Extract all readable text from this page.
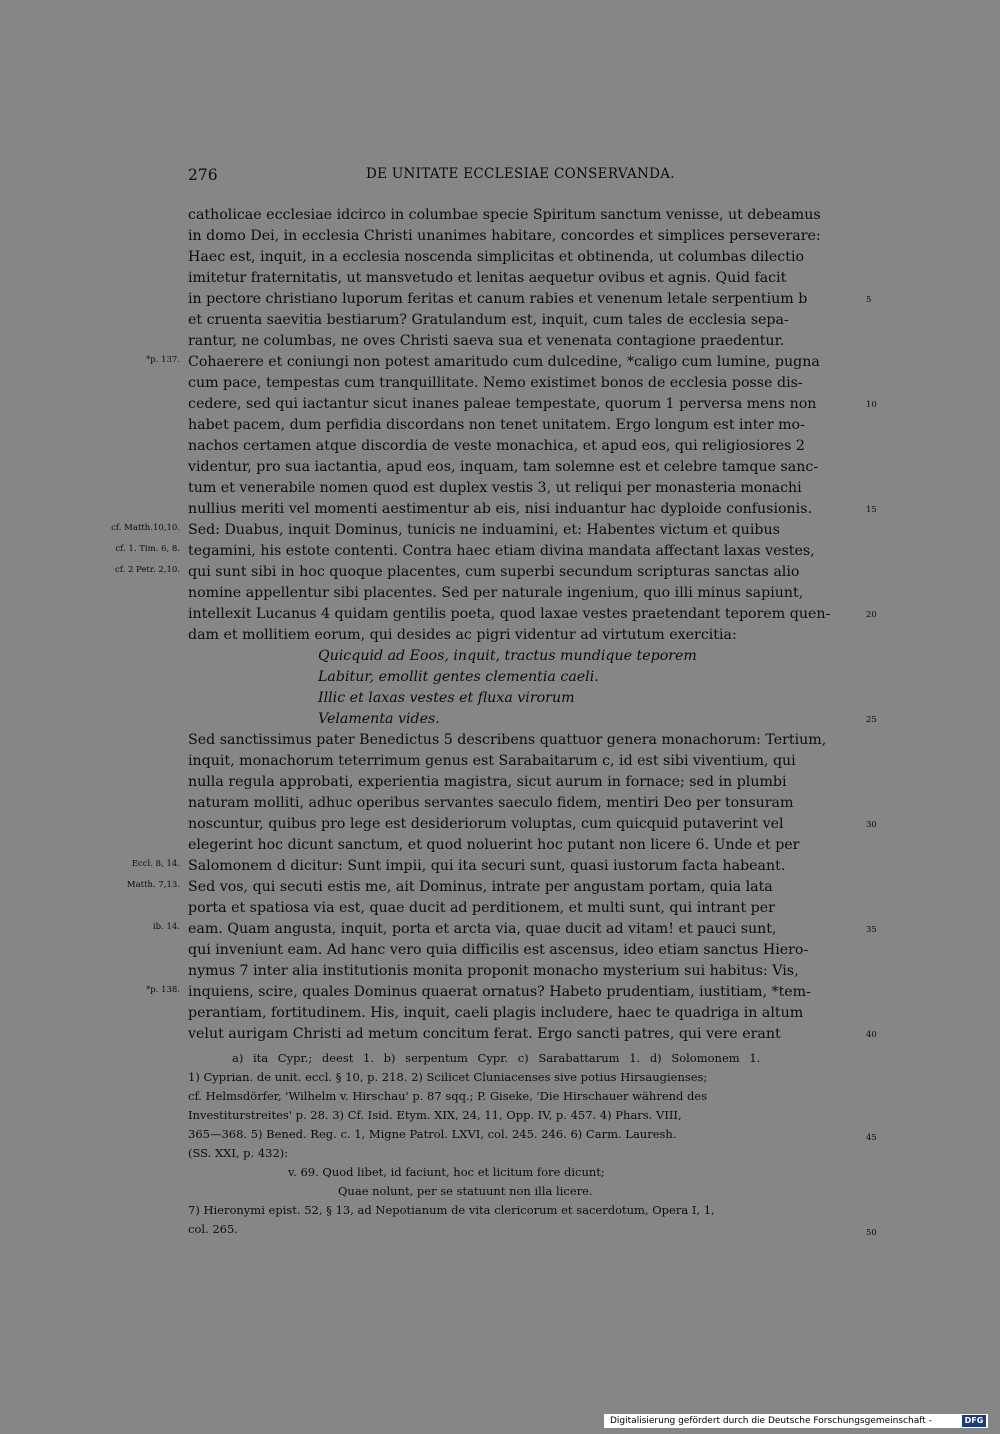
276	DE UNITATE ECCLESIAE CONSERVANDA.
catholicae ecclesiae idcirco in columbae specie Spiritum sanctum venisse, ut debeamus
in domo Dei, in ecclesia Christi unanimes habitare, concordes et simplices perseverare:
Haec est, inquit, in a ecclesia noscenda simplicitas et obtinenda, ut columbas dilectio
imitetur fraternitatis, ut mansvetudo et lenitas aequetur ovibus et agnis. Quid facit
in pectore christiano luporum feritas et canum rabies et venenum letale serpentium b
et cruenta saevitia bestiarum? Gratulandum est, inquit, cum tales de ecclesia sepa-
rantur, ne columbas, ne oves Christi saeva sua et venenata contagione praedentur.
Cohaerere et coniungi non potest amaritudo cum dulcedine, *caligo cum lumine, pugna
cum pace, tempestas cum tranquillitate. Nemo existimet bonos de ecclesia posse dis-
cedere, sed qui iactantur sicut inanes paleae tempestate, quorum 1 perversa mens non
habet pacem, dum perfidia discordans non tenet unitatem. Ergo longum est inter mo-
nachos certamen atque discordia de veste monachica, et apud eos, qui religiosiores 2
videntur, pro sua iactantia, apud eos, inquam, tam solemne est et celebre tamque sanc-
tum et venerabile nomen quod est duplex vestis 3, ut reliqui per monasteria monachi
nullius meriti vel momenti aestimentur ab eis, nisi induantur hac dyploide confusionis.
Sed: Duabus, inquit Dominus, tunicis ne induamini, et: Habentes victum et quibus
tegamini, his estote contenti. Contra haec etiam divina mandata affectant laxas vestes,
qui sunt sibi in hoc quoque placentes, cum superbi secundum scripturas sanctas alio
nomine appellentur sibi placentes. Sed per naturale ingenium, quo illi minus sapiunt,
intellexit Lucanus 4 quidam gentilis poeta, quod laxae vestes praetendant teporem quen-
dam et mollitiem eorum, qui desides ac pigri videntur ad virtutum exercitia:
Quicquid ad Eoos, inquit, tractus mundique teporem
Labitur, emollit gentes clementia caeli.
Illic et laxas vestes et fluxa virorum
Velamenta vides.
Sed sanctissimus pater Benedictus 5 describens quattuor genera monachorum: Tertium,
inquit, monachorum teterrimum genus est Sarabaitarum c, id est sibi viventium, qui
nulla regula approbati, experientia magistra, sicut aurum in fornace; sed in plumbi
naturam molliti, adhuc operibus servantes saeculo fidem, mentiri Deo per tonsuram
noscuntur, quibus pro lege est desideriorum voluptas, cum quicquid putaverint vel
elegerint hoc dicunt sanctum, et quod noluerint hoc putant non licere 6. Unde et per
Salomonem d dicitur: Sunt impii, qui ita securi sunt, quasi iustorum facta habeant.
Sed vos, qui secuti estis me, ait Dominus, intrate per angustam portam, quia lata
porta et spatiosa via est, quae ducit ad perditionem, et multi sunt, qui intrant per
eam. Quam angusta, inquit, porta et arcta via, quae ducit ad vitam! et pauci sunt,
qui inveniunt eam. Ad hanc vero quia difficilis est ascensus, ideo etiam sanctus Hiero-
nymus 7 inter alia institutionis monita proponit monacho mysterium sui habitus: Vis,
inquiens, scire, quales Dominus quaerat ornatus? Habeto prudentiam, iustitiam, *tem-
perantiam, fortitudinem. His, inquit, caeli plagis includere, haec te quadriga in altum
velut aurigam Christi ad metum concitum ferat. Ergo sancti patres, qui vere erant
*p. 137.
cf. Matth.10,10.
cf. 1. Tim. 6, 8.
cf. 2 Petr. 2,10.
Eccl. 8, 14.
Matth. 7,13.
ib. 14.
*p. 138.
5
10
15
20
25
30
35
40
45
50
a) ita Cypr.; deest 1. b) serpentum Cypr. c) Sarabattarum 1. d) Solomonem 1.
1) Cyprian. de unit. eccl. § 10, p. 218. 2) Scilicet Cluniacenses sive potius Hirsaugienses;
cf. Helmsdörfer, 'Wilhelm v. Hirschau' p. 87 sqq.; P. Giseke, 'Die Hirschauer während des
Investiturstreites' p. 28. 3) Cf. Isid. Etym. XIX, 24, 11, Opp. IV, p. 457. 4) Phars. VIII,
365—368. 5) Bened. Reg. c. 1, Migne Patrol. LXVI, col. 245. 246. 6) Carm. Lauresh.
(SS. XXI, p. 432):
v. 69. Quod libet, id faciunt, hoc et licitum fore dicunt;
Quae nolunt, per se statuunt non illa licere.
7) Hieronymi epist. 52, § 13, ad Nepotianum de vita clericorum et sacerdotum, Opera I, 1,
col. 265.
Digitalisierung gefördert durch die Deutsche Forschungsgemeinschaft -	DFG
